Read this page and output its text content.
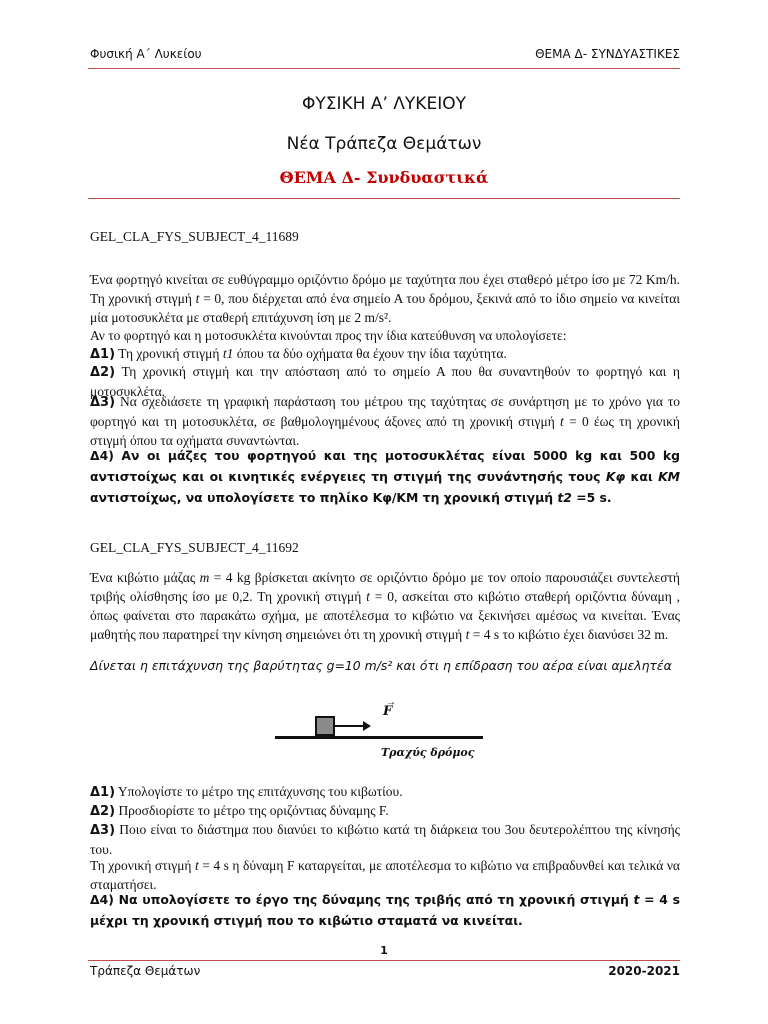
Φυσική Α΄ Λυκείου	ΘΕΜΑ Δ- ΣΥΝΔΥΑΣΤΙΚΕΣ
ΦΥΣΙΚΗ Α’ ΛΥΚΕΙΟΥ
Νέα Τράπεζα Θεμάτων
ΘΕΜΑ Δ- Συνδυαστικά
GEL_CLA_FYS_SUBJECT_4_11689
Ένα φορτηγό κινείται σε ευθύγραμμο οριζόντιο δρόμο με ταχύτητα που έχει σταθερό μέτρο ίσο με 72 Km/h. Τη χρονική στιγμή t = 0, που διέρχεται από ένα σημείο Α του δρόμου, ξεκινά από το ίδιο σημείο να κινείται μία μοτοσυκλέτα με σταθερή επιτάχυνση ίση με 2 m/s².
Αν το φορτηγό και η μοτοσυκλέτα κινούνται προς την ίδια κατεύθυνση να υπολογίσετε:
Δ1) Τη χρονική στιγμή t1 όπου τα δύο οχήματα θα έχουν την ίδια ταχύτητα.
Δ2) Τη χρονική στιγμή και την απόσταση από το σημείο Α που θα συναντηθούν το φορτηγό και η μοτοσυκλέτα.
Δ3) Να σχεδιάσετε τη γραφική παράσταση του μέτρου της ταχύτητας σε συνάρτηση με το χρόνο για το φορτηγό και τη μοτοσυκλέτα, σε βαθμολογημένους άξονες από τη χρονική στιγμή t = 0 έως τη χρονική στιγμή όπου τα οχήματα συναντώνται.
Δ4) Αν οι μάζες του φορτηγού και της μοτοσυκλέτας είναι 5000 kg και 500 kg αντιστοίχως και οι κινητικές ενέργειες τη στιγμή της συνάντησής τους Kφ και KM αντιστοίχως, να υπολογίσετε το πηλίκο Kφ/KΜ τη χρονική στιγμή t2 =5 s.
GEL_CLA_FYS_SUBJECT_4_11692
Ένα κιβώτιο μάζας m = 4 kg βρίσκεται ακίνητο σε οριζόντιο δρόμο με τον οποίο παρουσιάζει συντελεστή τριβής ολίσθησης ίσο με 0,2. Τη χρονική στιγμή t = 0, ασκείται στο κιβώτιο σταθερή οριζόντια δύναμη , όπως φαίνεται στο παρακάτω σχήμα, με αποτέλεσμα το κιβώτιο να ξεκινήσει αμέσως να κινείται. Ένας μαθητής που παρατηρεί την κίνηση σημειώνει ότι τη χρονική στιγμή t = 4 s το κιβώτιο έχει διανύσει 32 m.
Δίνεται η επιτάχυνση της βαρύτητας g=10 m/s² και ότι η επίδραση του αέρα είναι αμελητέα
→
F
Τραχύς δρόμος
Δ1) Υπολογίστε το μέτρο της επιτάχυνσης του κιβωτίου.
Δ2) Προσδιορίστε το μέτρο της οριζόντιας δύναμης F.
Δ3) Ποιο είναι το διάστημα που διανύει το κιβώτιο κατά τη διάρκεια του 3ου δευτερολέπτου της κίνησής του.
Τη χρονική στιγμή t = 4 s η δύναμη F καταργείται, με αποτέλεσμα το κιβώτιο να επιβραδυνθεί και τελικά να σταματήσει.
Δ4) Να υπολογίσετε το έργο της δύναμης της τριβής από τη χρονική στιγμή t = 4 s μέχρι τη χρονική στιγμή που το κιβώτιο σταματά να κινείται.
1
Τράπεζα Θεμάτων	2020-2021
